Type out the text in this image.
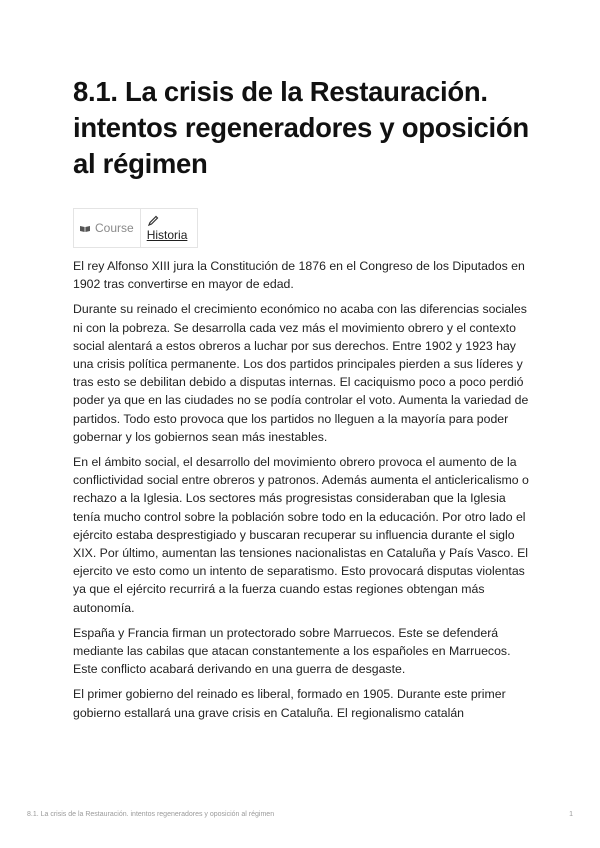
8.1. La crisis de la Restauración. intentos regeneradores y oposición al régimen
Course Historia

El rey Alfonso XIII jura la Constitución de 1876 en el Congreso de los Diputados en 1902 tras convertirse en mayor de edad.

Durante su reinado el crecimiento económico no acaba con las diferencias sociales ni con la pobreza. Se desarrolla cada vez más el movimiento obrero y el contexto social alentará a estos obreros a luchar por sus derechos. Entre 1902 y 1923 hay una crisis política permanente. Los dos partidos principales pierden a sus líderes y tras esto se debilitan debido a disputas internas. El caciquismo poco a poco perdió poder ya que en las ciudades no se podía controlar el voto. Aumenta la variedad de partidos. Todo esto provoca que los partidos no lleguen a la mayoría para poder gobernar y los gobiernos sean más inestables.

En el ámbito social, el desarrollo del movimiento obrero provoca el aumento de la conflictividad social entre obreros y patronos. Además aumenta el anticlericalismo o rechazo a la Iglesia. Los sectores más progresistas consideraban que la Iglesia tenía mucho control sobre la población sobre todo en la educación. Por otro lado el ejército estaba desprestigiado y buscaran recuperar su influencia durante el siglo XIX. Por último, aumentan las tensiones nacionalistas en Cataluña y País Vasco. El ejercito ve esto como un intento de separatismo. Esto provocará disputas violentas ya que el ejército recurrirá a la fuerza cuando estas regiones obtengan más autonomía.

España y Francia firman un protectorado sobre Marruecos. Este se defenderá mediante las cabilas que atacan constantemente a los españoles en Marruecos. Este conflicto acabará derivando en una guerra de desgaste.

El primer gobierno del reinado es liberal, formado en 1905. Durante este primer gobierno estallará una grave crisis en Cataluña. El regionalismo catalán

8.1. La crisis de la Restauración. intentos regeneradores y oposición al régimen	1
